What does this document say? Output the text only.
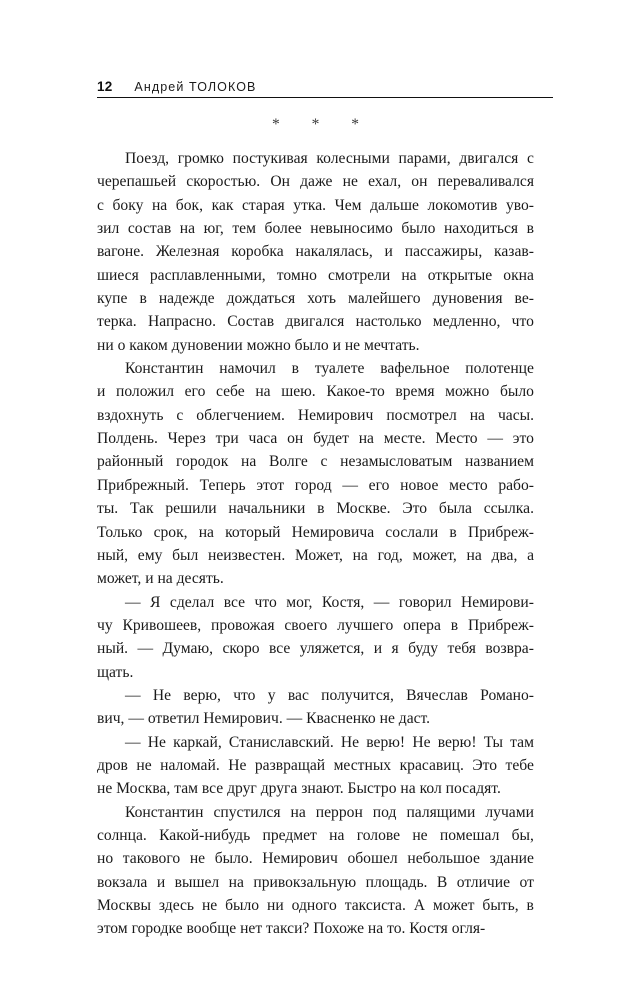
12 Андрей ТОЛОКОВ
* * *

Поезд, громко постукивая колесными парами, двигался с
черепашьей скоростью. Он даже не ехал, он переваливался
с боку на бок, как старая утка. Чем дальше локомотив уво-
зил состав на юг, тем более невыносимо было находиться в
вагоне. Железная коробка накалялась, и пассажиры, казав-
шиеся расплавленными, томно смотрели на открытые окна
купе в надежде дождаться хоть малейшего дуновения ве-
терка. Напрасно. Состав двигался настолько медленно, что
ни о каком дуновении можно было и не мечтать.

Константин намочил в туалете вафельное полотенце
и положил его себе на шею. Какое-то время можно было
вздохнуть с облегчением. Немирович посмотрел на часы.
Полдень. Через три часа он будет на месте. Место — это
районный городок на Волге с незамысловатым названием
Прибрежный. Теперь этот город — его новое место рабо-
ты. Так решили начальники в Москве. Это была ссылка.
Только срок, на который Немировича сослали в Прибреж-
ный, ему был неизвестен. Может, на год, может, на два, а
может, и на десять.

— Я сделал все что мог, Костя, — говорил Немирови-
чу Кривошеев, провожая своего лучшего опера в Прибреж-
ный. — Думаю, скоро все уляжется, и я буду тебя возвра-
щать.

— Не верю, что у вас получится, Вячеслав Романо-
вич, — ответил Немирович. — Квасненко не даст.

— Не каркай, Станиславский. Не верю! Не верю! Ты там
дров не наломай. Не развращай местных красавиц. Это тебе
не Москва, там все друг друга знают. Быстро на кол посадят.

Константин спустился на перрон под палящими лучами
солнца. Какой-нибудь предмет на голове не помешал бы,
но такового не было. Немирович обошел небольшое здание
вокзала и вышел на привокзальную площадь. В отличие от
Москвы здесь не было ни одного таксиста. А может быть, в
этом городке вообще нет такси? Похоже на то. Костя огля-
